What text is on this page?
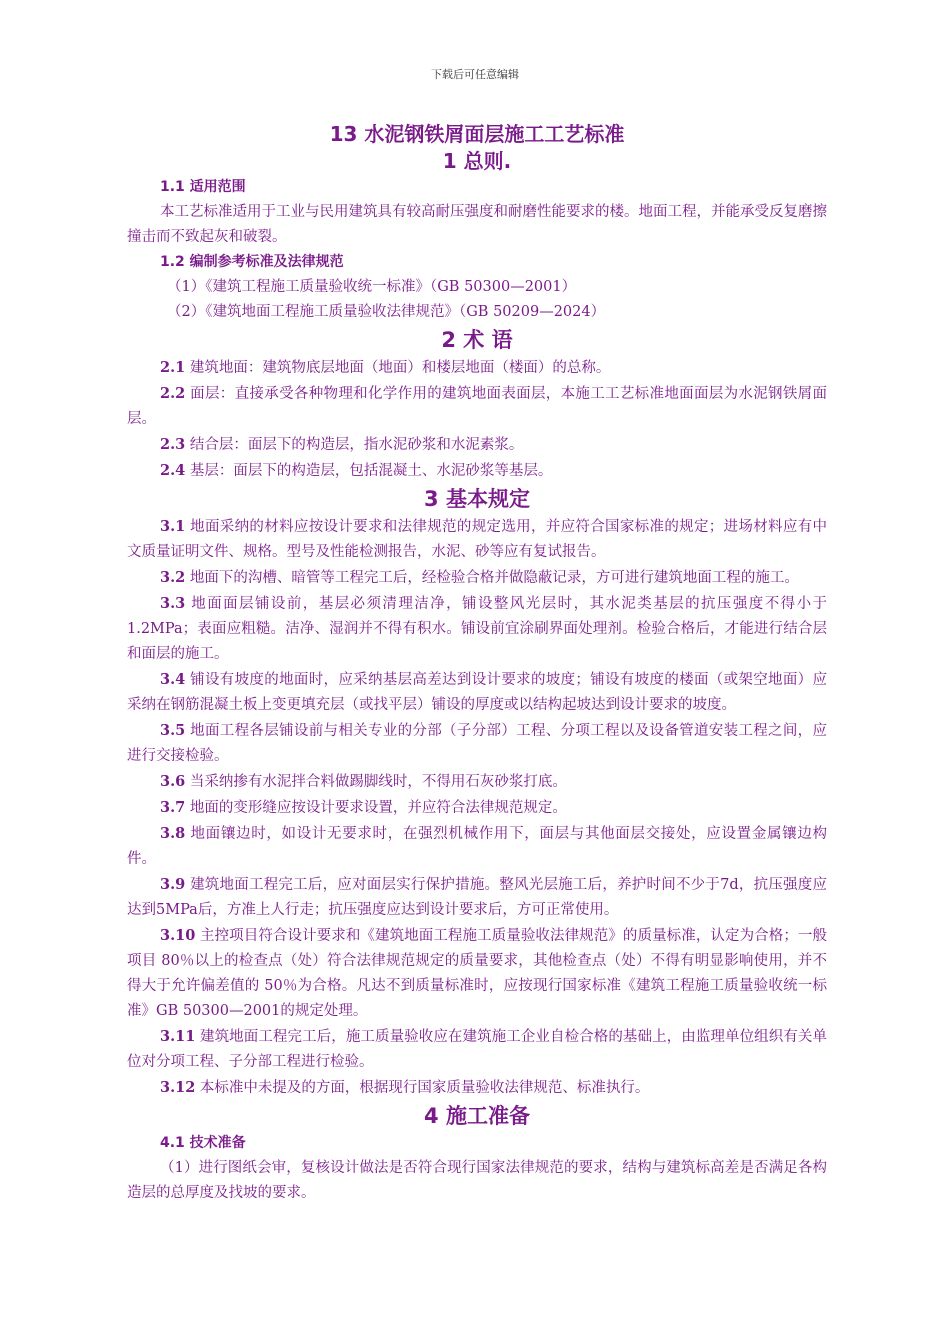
下载后可任意编辑
13 水泥钢铁屑面层施工工艺标准
1 总则.
1.1 适用范围

本工艺标准适用于工业与民用建筑具有较高耐压强度和耐磨性能要求的楼。地面工程，并能承受反复磨擦撞击而不致起灰和破裂。

1.2 编制参考标准及法律规范

（1）《建筑工程施工质量验收统一标准》（GB 50300—2001）

（2）《建筑地面工程施工质量验收法律规范》（GB 50209—2024）

2 术 语

2.1 建筑地面：建筑物底层地面（地面）和楼层地面（楼面）的总称。

2.2 面层：直接承受各种物理和化学作用的建筑地面表面层，本施工工艺标准地面面层为水泥钢铁屑面层。

2.3 结合层：面层下的构造层，指水泥砂浆和水泥素浆。

2.4 基层：面层下的构造层，包括混凝土、水泥砂浆等基层。

3 基本规定

3.1 地面采纳的材料应按设计要求和法律规范的规定选用，并应符合国家标准的规定；进场材料应有中文质量证明文件、规格。型号及性能检测报告，水泥、砂等应有复试报告。

3.2 地面下的沟槽、暗管等工程完工后，经检验合格并做隐蔽记录，方可进行建筑地面工程的施工。

3.3 地面面层铺设前，基层必须清理洁净，铺设整风光层时，其水泥类基层的抗压强度不得小于1.2MPa；表面应粗糙。洁净、湿润并不得有积水。铺设前宜涂刷界面处理剂。检验合格后，才能进行结合层和面层的施工。

3.4 铺设有坡度的地面时，应采纳基层高差达到设计要求的坡度；铺设有坡度的楼面（或架空地面）应采纳在钢筋混凝土板上变更填充层（或找平层）铺设的厚度或以结构起坡达到设计要求的坡度。

3.5 地面工程各层铺设前与相关专业的分部（子分部）工程、分项工程以及设备管道安装工程之间，应进行交接检验。

3.6 当采纳掺有水泥拌合料做踢脚线时，不得用石灰砂浆打底。

3.7 地面的变形缝应按设计要求设置，并应符合法律规范规定。

3.8 地面镶边时，如设计无要求时，在强烈机械作用下，面层与其他面层交接处，应设置金属镶边构件。

3.9 建筑地面工程完工后，应对面层实行保护措施。整风光层施工后，养护时间不少于7d，抗压强度应达到5MPa后，方准上人行走；抗压强度应达到设计要求后，方可正常使用。

3.10 主控项目符合设计要求和《建筑地面工程施工质量验收法律规范》的质量标准，认定为合格；一般项目 80％以上的检查点（处）符合法律规范规定的质量要求，其他检查点（处）不得有明显影响使用，并不得大于允许偏差值的 50％为合格。凡达不到质量标准时，应按现行国家标准《建筑工程施工质量验收统一标准》GB 50300—2001的规定处理。

3.11 建筑地面工程完工后，施工质量验收应在建筑施工企业自检合格的基础上，由监理单位组织有关单位对分项工程、子分部工程进行检验。

3.12 本标准中未提及的方面，根据现行国家质量验收法律规范、标准执行。

4 施工准备
4.1 技术准备

（1）进行图纸会审，复核设计做法是否符合现行国家法律规范的要求，结构与建筑标高差是否满足各构造层的总厚度及找坡的要求。
